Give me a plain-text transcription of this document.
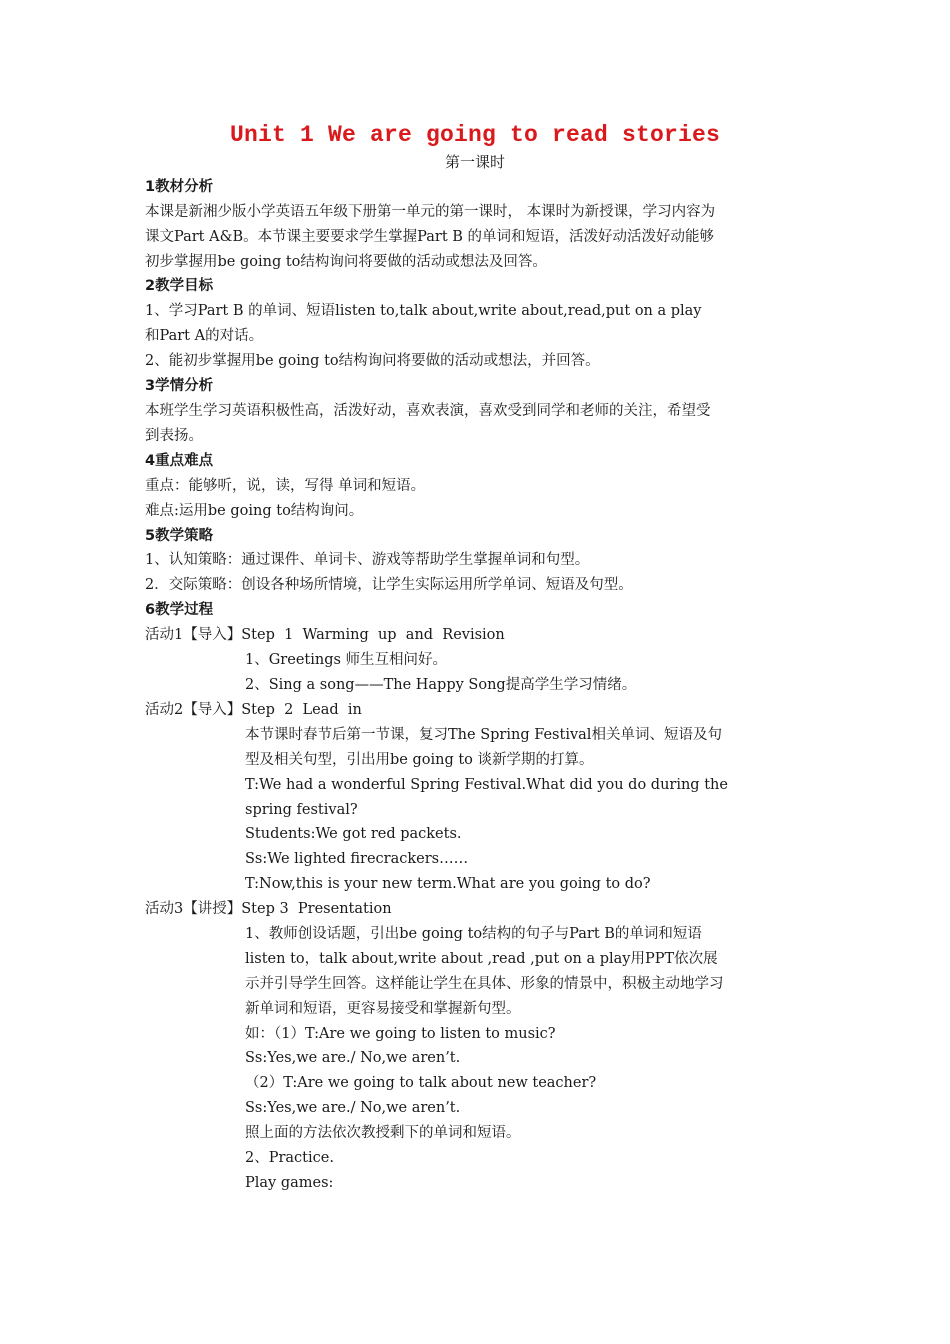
Unit 1 We are going to read stories
第一课时
1教材分析
本课是新湘少版小学英语五年级下册第一单元的第一课时， 本课时为新授课，学习内容为
课文Part A&B。本节课主要要求学生掌握Part B 的单词和短语，活泼好动活泼好动能够
初步掌握用be going to结构询问将要做的活动或想法及回答。
2教学目标
1、学习Part B 的单词、短语listen to,talk about,write about,read,put on a play
和Part A的对话。
2、能初步掌握用be going to结构询问将要做的活动或想法，并回答。
3学情分析
本班学生学习英语积极性高，活泼好动，喜欢表演，喜欢受到同学和老师的关注，希望受
到表扬。
4重点难点
重点：能够听，说，读，写得 单词和短语。
难点:运用be going to结构询问。
5教学策略
1、认知策略：通过课件、单词卡、游戏等帮助学生掌握单词和句型。
2．交际策略：创设各种场所情境，让学生实际运用所学单词、短语及句型。
6教学过程
活动1【导入】Step  1  Warming  up  and  Revision
1、Greetings 师生互相问好。
2、Sing a song——The Happy Song提高学生学习情绪。
活动2【导入】Step  2  Lead  in
本节课时春节后第一节课，复习The Spring Festival相关单词、短语及句
型及相关句型，引出用be going to 谈新学期的打算。
T:We had a wonderful Spring Festival.What did you do during the
spring festival?
Students:We got red packets.
Ss:We lighted firecrackers……
T:Now,this is your new term.What are you going to do?
活动3【讲授】Step 3  Presentation
1、教师创设话题，引出be going to结构的句子与Part B的单词和短语
listen to，talk about,write about ,read ,put on a play用PPT依次展
示并引导学生回答。这样能让学生在具体、形象的情景中，积极主动地学习
新单词和短语，更容易接受和掌握新句型。
如：（1）T:Are we going to listen to music?
Ss:Yes,we are./ No,we aren’t.
（2）T:Are we going to talk about new teacher?
Ss:Yes,we are./ No,we aren’t.
照上面的方法依次教授剩下的单词和短语。
2、Practice.
Play games:
